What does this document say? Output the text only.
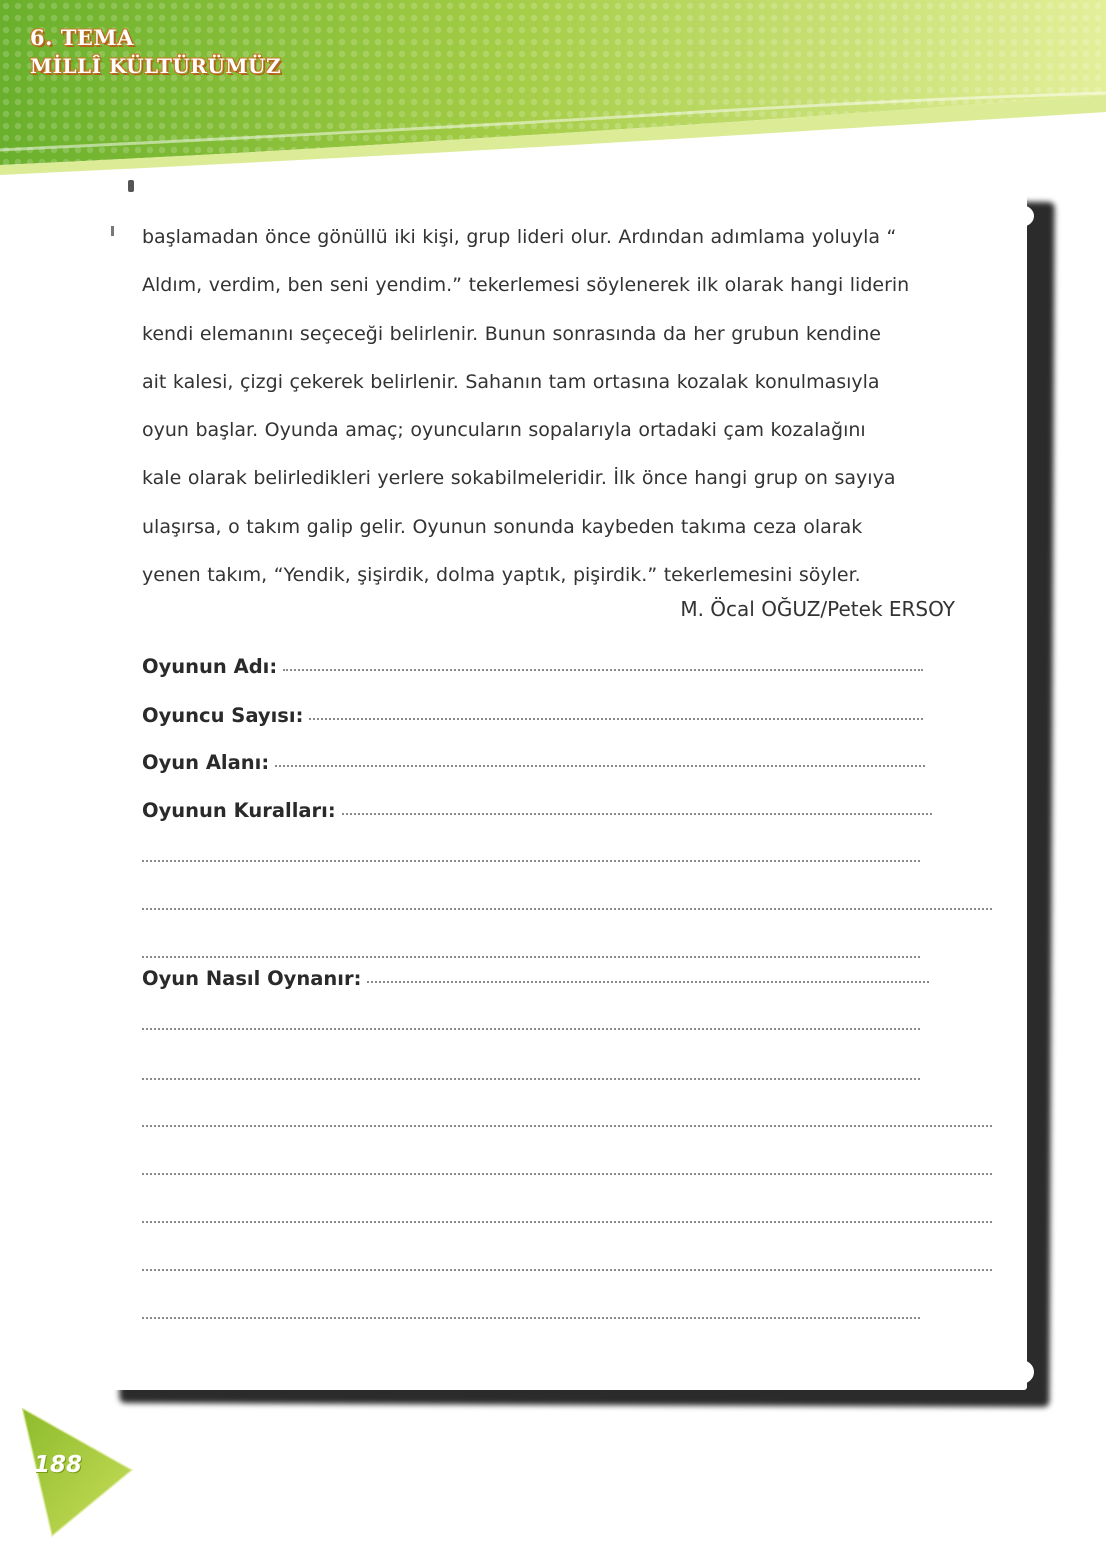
6. TEMA
MİLLÎ KÜLTÜRÜMÜZ
başlamadan önce gönüllü iki kişi, grup lideri olur. Ardından adımlama yoluyla “
Aldım, verdim, ben seni yendim.” tekerlemesi söylenerek ilk olarak hangi liderin
kendi elemanını seçeceği belirlenir. Bunun sonrasında da her grubun kendine
ait kalesi, çizgi çekerek belirlenir. Sahanın tam ortasına kozalak konulmasıyla
oyun başlar. Oyunda amaç; oyuncuların sopalarıyla ortadaki çam kozalağını
kale olarak belirledikleri yerlere sokabilmeleridir. İlk önce hangi grup on sayıya
ulaşırsa, o takım galip gelir. Oyunun sonunda kaybeden takıma ceza olarak
yenen takım, “Yendik, şişirdik, dolma yaptık, pişirdik.” tekerlemesini söyler.
M. Öcal OĞUZ/Petek ERSOY
Oyunun Adı:
Oyuncu Sayısı:
Oyun Alanı:
Oyunun Kuralları:
Oyun Nasıl Oynanır:
188
